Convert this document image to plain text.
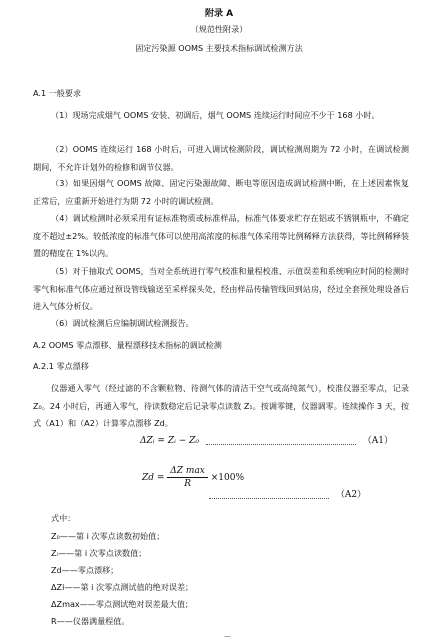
附录 A
（规范性附录）
固定污染源 OOMS 主要技术指标调试检测方法
A.1 一般要求
（1）现场完成烟气 OOMS 安装、初调后，烟气 OOMS 连续运行时间应不少于 168 小时。
（2）OOMS 连续运行 168 小时后，可进入调试检测阶段，调试检测周期为 72 小时，在调试检测期间，不允许计划外的检修和调节仪器。
（3）如果因烟气 OOMS 故障、固定污染源故障、断电等原因造成调试检测中断，在上述因素恢复正常后，应重新开始进行为期 72 小时的调试检测。
（4）调试检测时必须采用有证标准物质或标准样品，标准气体要求贮存在铝或不锈钢瓶中，不确定度不超过±2%。较低浓度的标准气体可以使用高浓度的标准气体采用等比例稀释方法获得，等比例稀释装置的精度在 1%以内。
（5）对于抽取式 OOMS，当对全系统进行零气校准和量程校准、示值误差和系统响应时间的检测时零气和标准气体应通过预设管线输送至采样探头处，经由样品传输管线回到站房，经过全套预处理设备后进入气体分析仪。
（6）调试检测后应编制调试检测报告。
A.2 OOMS 零点漂移、量程漂移技术指标的调试检测
A.2.1 零点漂移
仪器通入零气（经过滤的不含颗粒物、待测气体的清洁干空气或高纯氮气），校准仪器至零点，记录 Z₀。24 小时后，再通入零气，待读数稳定后记录零点读数 Z₁。按调零键，仪器调零。连续操作 3 天，按式（A1）和（A2）计算零点漂移 Zd。
ΔZᵢ = Zᵢ − Z₀	（A1）
$Zd = \frac{\text{ΔZ max}}{R} \times 100\%$
（A2）
式中：
Z₀——第 i 次零点读数初始值；
Zᵢ——第 i 次零点读数值；
Zd——零点漂移；
ΔZi——第 i 次零点测试值的绝对误差；
ΔZmax——零点测试绝对误差最大值；
R——仪器满量程值。
—
